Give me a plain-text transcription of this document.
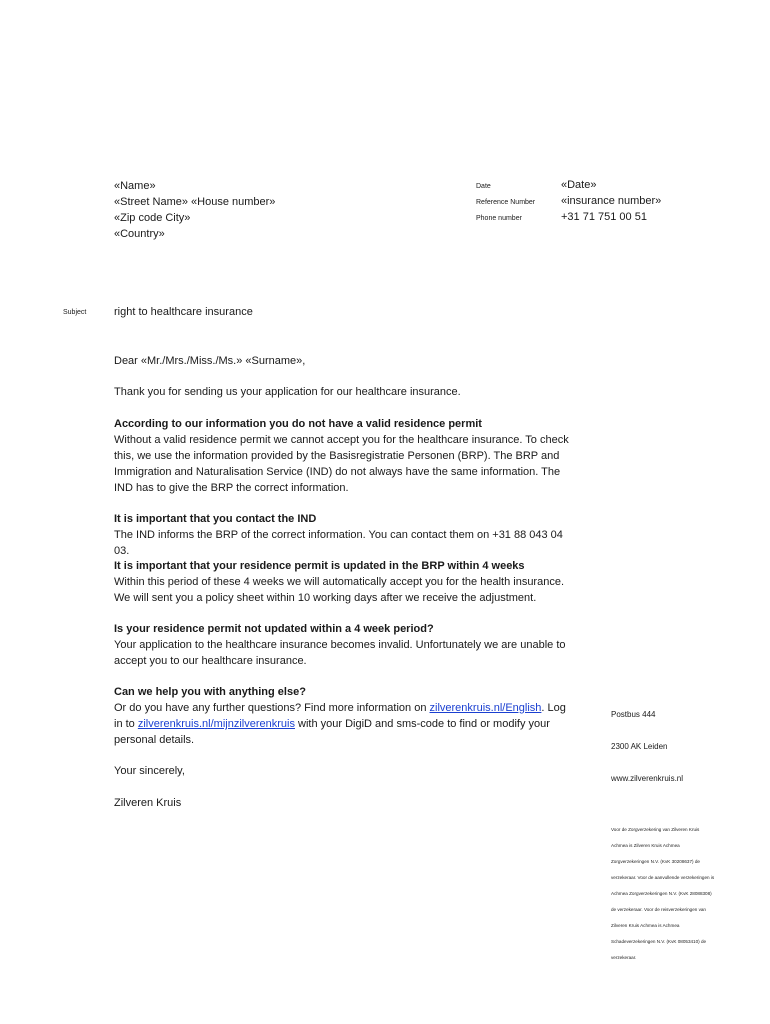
«Name»
«Street Name» «House number»
«Zip code City»
«Country»
Date	«Date»
Reference Number «insurance number»
Phone number	+31 71 751 00 51
Subject	right to healthcare insurance
Dear «Mr./Mrs./Miss./Ms.» «Surname»,
Thank you for sending us your application for our healthcare insurance.
According to our information you do not have a valid residence permit
Without a valid residence permit we cannot accept you for the healthcare insurance. To check this, we use the information provided by the Basisregistratie Personen (BRP). The BRP and Immigration and Naturalisation Service (IND) do not always have the same information. The IND has to give the BRP the correct information.
It is important that you contact the IND
The IND informs the BRP of the correct information. You can contact them on +31 88 043 04 03.
It is important that your residence permit is updated in the BRP within 4 weeks
Within this period of these 4 weeks we will automatically accept you for the health insurance. We will sent you a policy sheet within 10 working days after we receive the adjustment.
Is your residence permit not updated within a 4 week period?
Your application to the healthcare insurance becomes invalid. Unfortunately we are unable to accept you to our healthcare insurance.
Can we help you with anything else?
Or do you have any further questions? Find more information on zilverenkruis.nl/English. Log in to zilverenkruis.nl/mijnzilverenkruis with your DigiD and sms-code to find or modify your personal details.
Your sincerely,
Zilveren Kruis
Postbus 444
2300 AK Leiden
www.zilverenkruis.nl
Voor de Zorgverzekering van Zilveren Kruis
Achmea is Zilveren Kruis Achmea
Zorgverzekeringen N.V. (KvK 30208637) de
verzekeraar. Voor de aanvullende verzekeringen is
Achmea Zorgverzekeringen N.V. (KvK 28088308)
de verzekeraar. Voor de reisverzekeringen van
Zilveren Kruis Achmea is Achmea
Schadeverzekeringen N.V. (KvK 08053410) de
verzekeraar.
